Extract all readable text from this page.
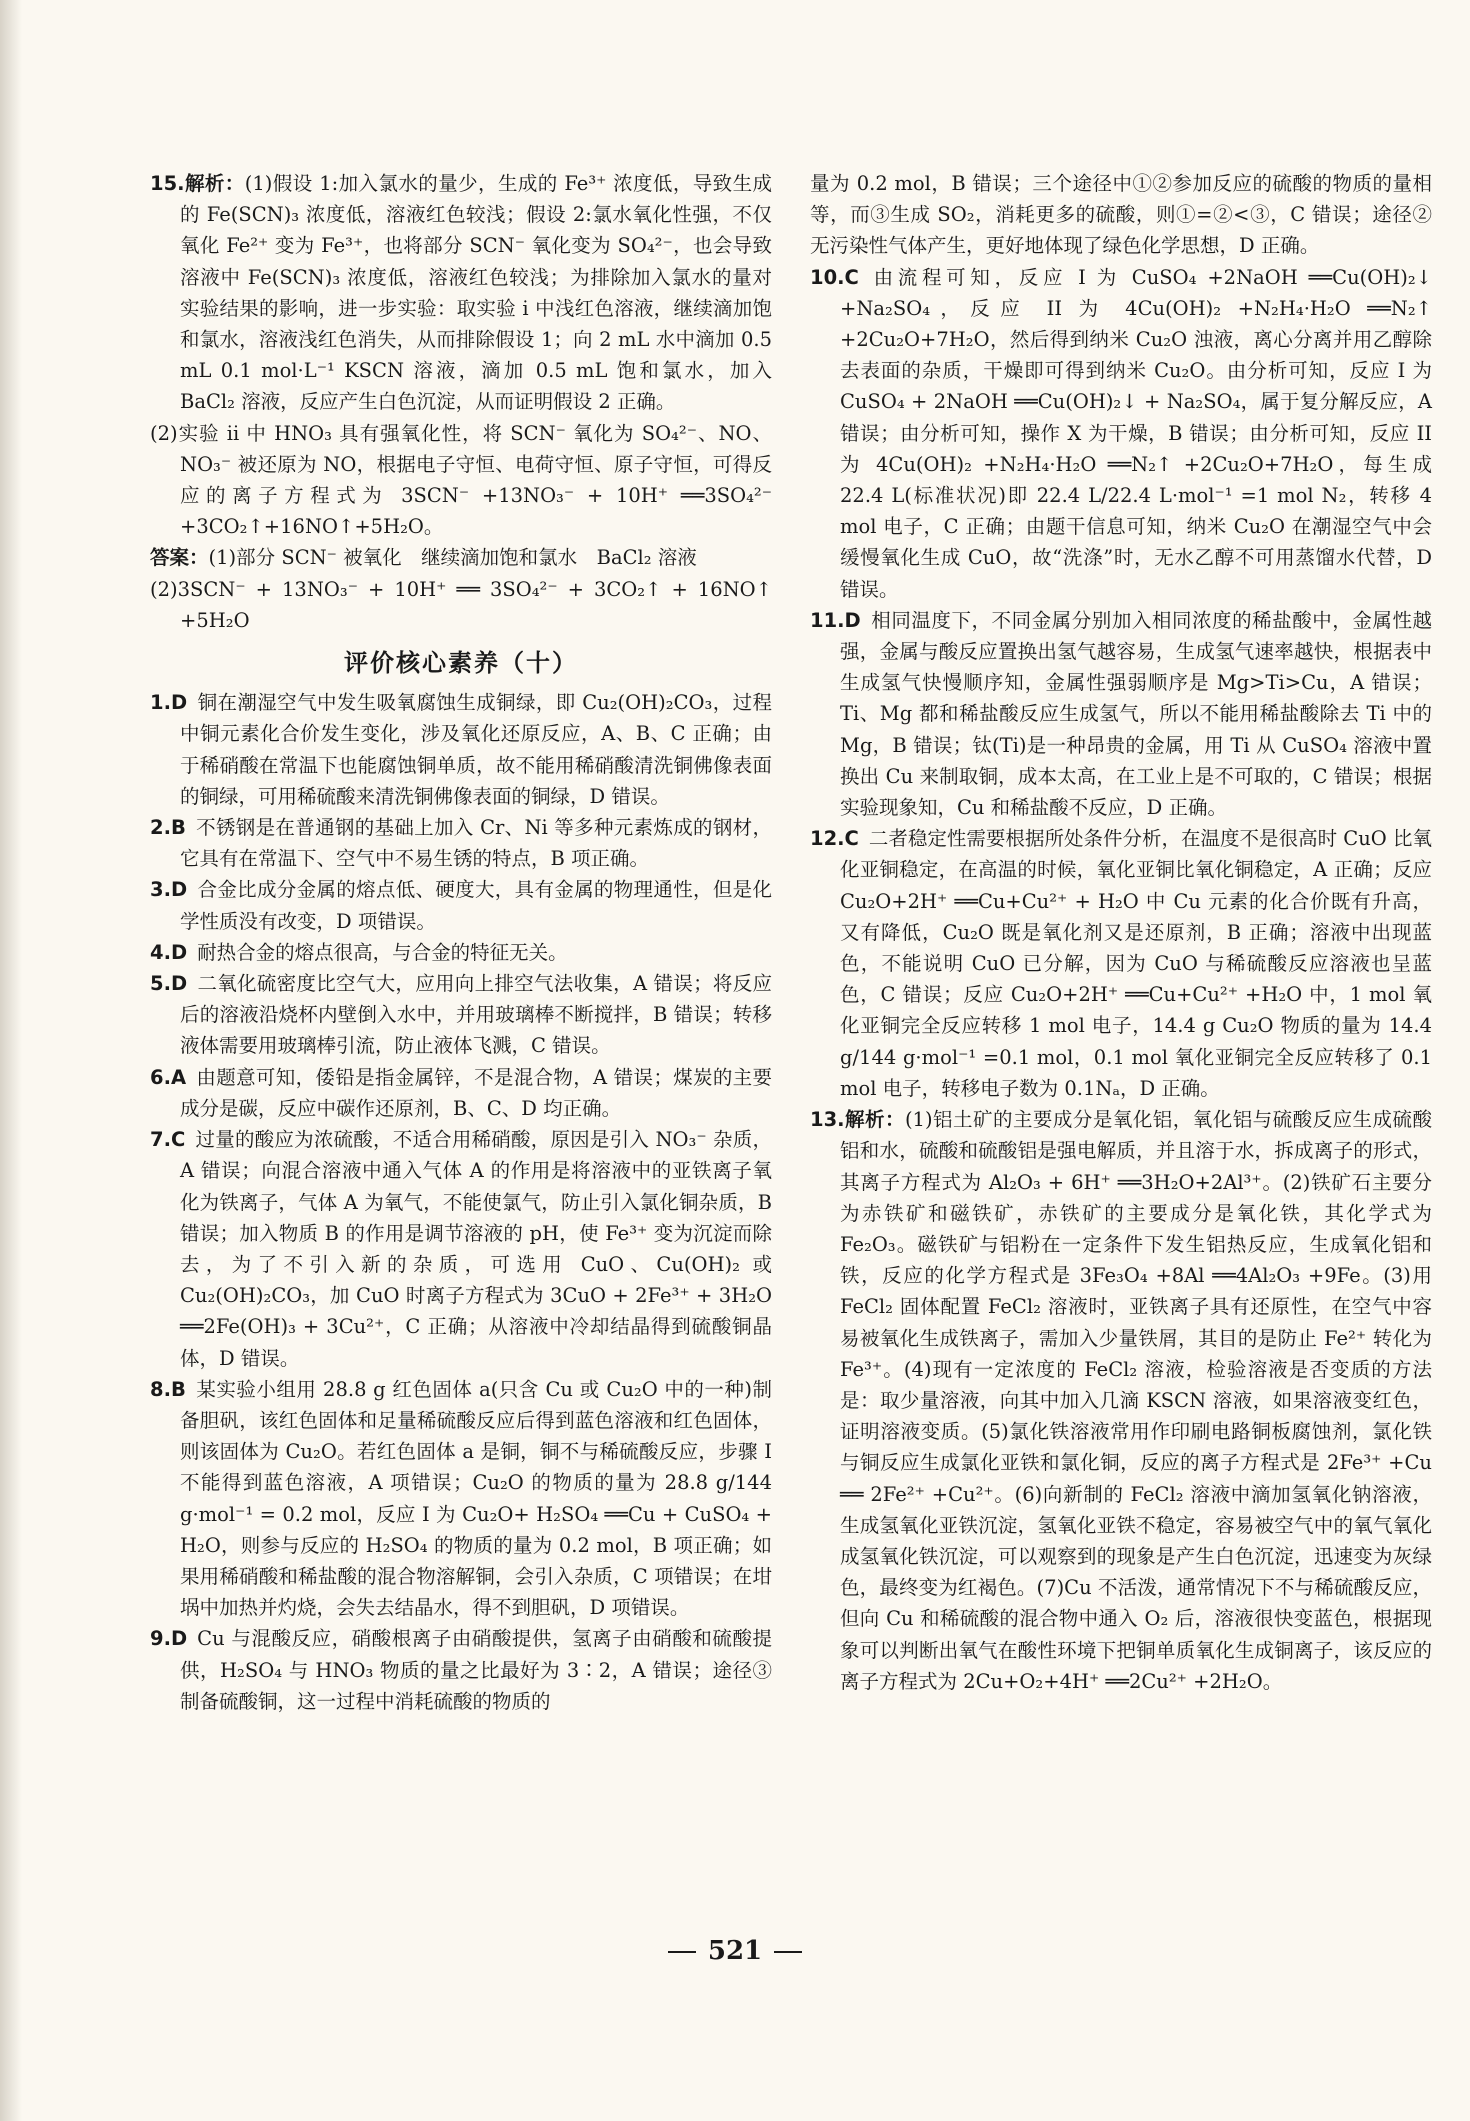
15.解析：(1)假设 1:加入氯水的量少，生成的 Fe³⁺ 浓度低，导致生成的 Fe(SCN)₃ 浓度低，溶液红色较浅；假设 2:氯水氧化性强，不仅氧化 Fe²⁺ 变为 Fe³⁺，也将部分 SCN⁻ 氧化变为 SO₄²⁻，也会导致溶液中 Fe(SCN)₃ 浓度低，溶液红色较浅；为排除加入氯水的量对实验结果的影响，进一步实验：取实验 i 中浅红色溶液，继续滴加饱和氯水，溶液浅红色消失，从而排除假设 1；向 2 mL 水中滴加 0.5 mL 0.1 mol·L⁻¹ KSCN 溶液，滴加 0.5 mL 饱和氯水，加入 BaCl₂ 溶液，反应产生白色沉淀，从而证明假设 2 正确。

(2)实验 ii 中 HNO₃ 具有强氧化性，将 SCN⁻ 氧化为 SO₄²⁻、NO、NO₃⁻ 被还原为 NO，根据电子守恒、电荷守恒、原子守恒，可得反应的离子方程式为 3SCN⁻ +13NO₃⁻ + 10H⁺ ══3SO₄²⁻ +3CO₂↑+16NO↑+5H₂O。

答案：(1)部分 SCN⁻ 被氧化　继续滴加饱和氯水　BaCl₂ 溶液

(2)3SCN⁻ + 13NO₃⁻ + 10H⁺ ══ 3SO₄²⁻ + 3CO₂↑ + 16NO↑ +5H₂O

评价核心素养（十）
1.D 铜在潮湿空气中发生吸氧腐蚀生成铜绿，即 Cu₂(OH)₂CO₃，过程中铜元素化合价发生变化，涉及氧化还原反应，A、B、C 正确；由于稀硝酸在常温下也能腐蚀铜单质，故不能用稀硝酸清洗铜佛像表面的铜绿，可用稀硫酸来清洗铜佛像表面的铜绿，D 错误。
2.B 不锈钢是在普通钢的基础上加入 Cr、Ni 等多种元素炼成的钢材，它具有在常温下、空气中不易生锈的特点，B 项正确。
3.D 合金比成分金属的熔点低、硬度大，具有金属的物理通性，但是化学性质没有改变，D 项错误。
4.D 耐热合金的熔点很高，与合金的特征无关。
5.D 二氧化硫密度比空气大，应用向上排空气法收集，A 错误；将反应后的溶液沿烧杯内壁倒入水中，并用玻璃棒不断搅拌，B 错误；转移液体需要用玻璃棒引流，防止液体飞溅，C 错误。
6.A 由题意可知，倭铅是指金属锌，不是混合物，A 错误；煤炭的主要成分是碳，反应中碳作还原剂，B、C、D 均正确。
7.C 过量的酸应为浓硫酸，不适合用稀硝酸，原因是引入 NO₃⁻ 杂质，A 错误；向混合溶液中通入气体 A 的作用是将溶液中的亚铁离子氧化为铁离子，气体 A 为氧气，不能使氯气，防止引入氯化铜杂质，B 错误；加入物质 B 的作用是调节溶液的 pH，使 Fe³⁺ 变为沉淀而除去，为了不引入新的杂质，可选用 CuO、Cu(OH)₂ 或 Cu₂(OH)₂CO₃，加 CuO 时离子方程式为 3CuO + 2Fe³⁺ + 3H₂O ══2Fe(OH)₃ + 3Cu²⁺，C 正确；从溶液中冷却结晶得到硫酸铜晶体，D 错误。
8.B 某实验小组用 28.8 g 红色固体 a(只含 Cu 或 Cu₂O 中的一种)制备胆矾，该红色固体和足量稀硫酸反应后得到蓝色溶液和红色固体，则该固体为 Cu₂O。若红色固体 a 是铜，铜不与稀硫酸反应，步骤 I 不能得到蓝色溶液，A 项错误；Cu₂O 的物质的量为 28.8 g/144 g·mol⁻¹ = 0.2 mol，反应 I 为 Cu₂O+ H₂SO₄ ══Cu + CuSO₄ + H₂O，则参与反应的 H₂SO₄ 的物质的量为 0.2 mol，B 项正确；如果用稀硝酸和稀盐酸的混合物溶解铜，会引入杂质，C 项错误；在坩埚中加热并灼烧，会失去结晶水，得不到胆矾，D 项错误。
9.D Cu 与混酸反应，硝酸根离子由硝酸提供，氢离子由硝酸和硫酸提供，H₂SO₄ 与 HNO₃ 物质的量之比最好为 3∶2，A 错误；途径③制备硫酸铜，这一过程中消耗硫酸的物质的
量为 0.2 mol，B 错误；三个途径中①②参加反应的硫酸的物质的量相等，而③生成 SO₂，消耗更多的硫酸，则①=②<③，C 错误；途径②无污染性气体产生，更好地体现了绿色化学思想，D 正确。
10.C 由流程可知，反应 I 为 CuSO₄ +2NaOH ══Cu(OH)₂↓ +Na₂SO₄，反应 II 为 4Cu(OH)₂ +N₂H₄·H₂O ══N₂↑ +2Cu₂O+7H₂O，然后得到纳米 Cu₂O 浊液，离心分离并用乙醇除去表面的杂质，干燥即可得到纳米 Cu₂O。由分析可知，反应 I 为 CuSO₄ + 2NaOH ══Cu(OH)₂↓ + Na₂SO₄，属于复分解反应，A 错误；由分析可知，操作 X 为干燥，B 错误；由分析可知，反应 II 为 4Cu(OH)₂ +N₂H₄·H₂O ══N₂↑ +2Cu₂O+7H₂O，每生成 22.4 L(标准状况)即 22.4 L/22.4 L·mol⁻¹ =1 mol N₂，转移 4 mol 电子，C 正确；由题干信息可知，纳米 Cu₂O 在潮湿空气中会缓慢氧化生成 CuO，故“洗涤”时，无水乙醇不可用蒸馏水代替，D 错误。
11.D 相同温度下，不同金属分别加入相同浓度的稀盐酸中，金属性越强，金属与酸反应置换出氢气越容易，生成氢气速率越快，根据表中生成氢气快慢顺序知，金属性强弱顺序是 Mg>Ti>Cu，A 错误；Ti、Mg 都和稀盐酸反应生成氢气，所以不能用稀盐酸除去 Ti 中的 Mg，B 错误；钛(Ti)是一种昂贵的金属，用 Ti 从 CuSO₄ 溶液中置换出 Cu 来制取铜，成本太高，在工业上是不可取的，C 错误；根据实验现象知，Cu 和稀盐酸不反应，D 正确。
12.C 二者稳定性需要根据所处条件分析，在温度不是很高时 CuO 比氧化亚铜稳定，在高温的时候，氧化亚铜比氧化铜稳定，A 正确；反应 Cu₂O+2H⁺ ══Cu+Cu²⁺ + H₂O 中 Cu 元素的化合价既有升高，又有降低，Cu₂O 既是氧化剂又是还原剂，B 正确；溶液中出现蓝色，不能说明 CuO 已分解，因为 CuO 与稀硫酸反应溶液也呈蓝色，C 错误；反应 Cu₂O+2H⁺ ══Cu+Cu²⁺ +H₂O 中，1 mol 氧化亚铜完全反应转移 1 mol 电子，14.4 g Cu₂O 物质的量为 14.4 g/144 g·mol⁻¹ =0.1 mol，0.1 mol 氧化亚铜完全反应转移了 0.1 mol 电子，转移电子数为 0.1Nₐ，D 正确。
13.解析：(1)铝土矿的主要成分是氧化铝，氧化铝与硫酸反应生成硫酸铝和水，硫酸和硫酸铝是强电解质，并且溶于水，拆成离子的形式，其离子方程式为 Al₂O₃ + 6H⁺ ══3H₂O+2Al³⁺。(2)铁矿石主要分为赤铁矿和磁铁矿，赤铁矿的主要成分是氧化铁，其化学式为 Fe₂O₃。磁铁矿与铝粉在一定条件下发生铝热反应，生成氧化铝和铁，反应的化学方程式是 3Fe₃O₄ +8Al ══4Al₂O₃ +9Fe。(3)用 FeCl₂ 固体配置 FeCl₂ 溶液时，亚铁离子具有还原性，在空气中容易被氧化生成铁离子，需加入少量铁屑，其目的是防止 Fe²⁺ 转化为 Fe³⁺。(4)现有一定浓度的 FeCl₂ 溶液，检验溶液是否变质的方法是：取少量溶液，向其中加入几滴 KSCN 溶液，如果溶液变红色，证明溶液变质。(5)氯化铁溶液常用作印刷电路铜板腐蚀剂，氯化铁与铜反应生成氯化亚铁和氯化铜，反应的离子方程式是 2Fe³⁺ +Cu ══ 2Fe²⁺ +Cu²⁺。(6)向新制的 FeCl₂ 溶液中滴加氢氧化钠溶液，生成氢氧化亚铁沉淀，氢氧化亚铁不稳定，容易被空气中的氧气氧化成氢氧化铁沉淀，可以观察到的现象是产生白色沉淀，迅速变为灰绿色，最终变为红褐色。(7)Cu 不活泼，通常情况下不与稀硫酸反应，但向 Cu 和稀硫酸的混合物中通入 O₂ 后，溶液很快变蓝色，根据现象可以判断出氧气在酸性环境下把铜单质氧化生成铜离子，该反应的离子方程式为 2Cu+O₂+4H⁺ ══2Cu²⁺ +2H₂O。
521
